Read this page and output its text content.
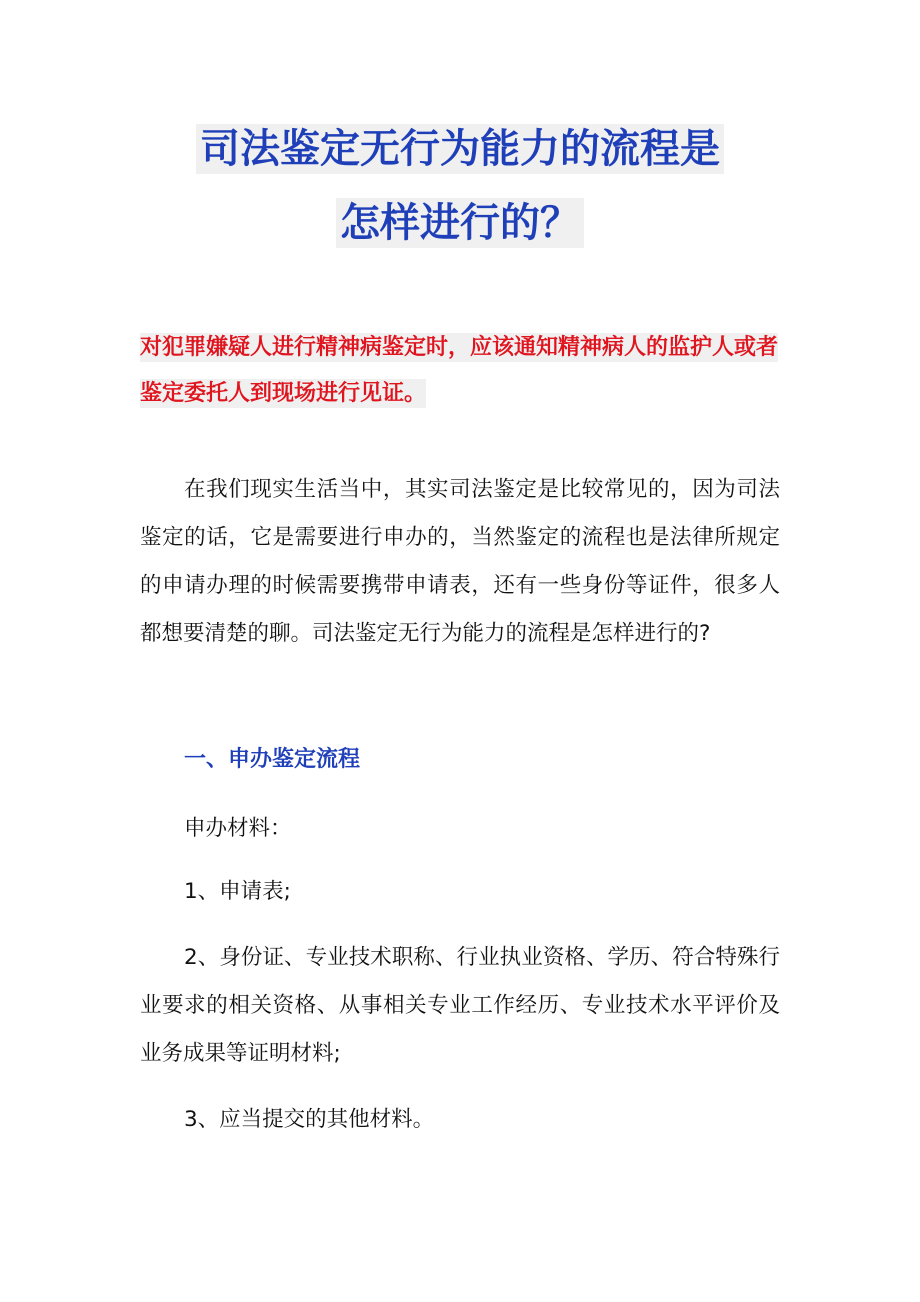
司法鉴定无行为能力的流程是
怎样进行的？
对犯罪嫌疑人进行精神病鉴定时，应该通知精神病人的监护人或者鉴定委托人到现场进行见证。

在我们现实生活当中，其实司法鉴定是比较常见的，因为司法鉴定的话，它是需要进行申办的，当然鉴定的流程也是法律所规定的申请办理的时候需要携带申请表，还有一些身份等证件，很多人都想要清楚的聊。司法鉴定无行为能力的流程是怎样进行的?

一、申办鉴定流程

申办材料：

1、申请表;

2、身份证、专业技术职称、行业执业资格、学历、符合特殊行业要求的相关资格、从事相关专业工作经历、专业技术水平评价及业务成果等证明材料;

3、应当提交的其他材料。
